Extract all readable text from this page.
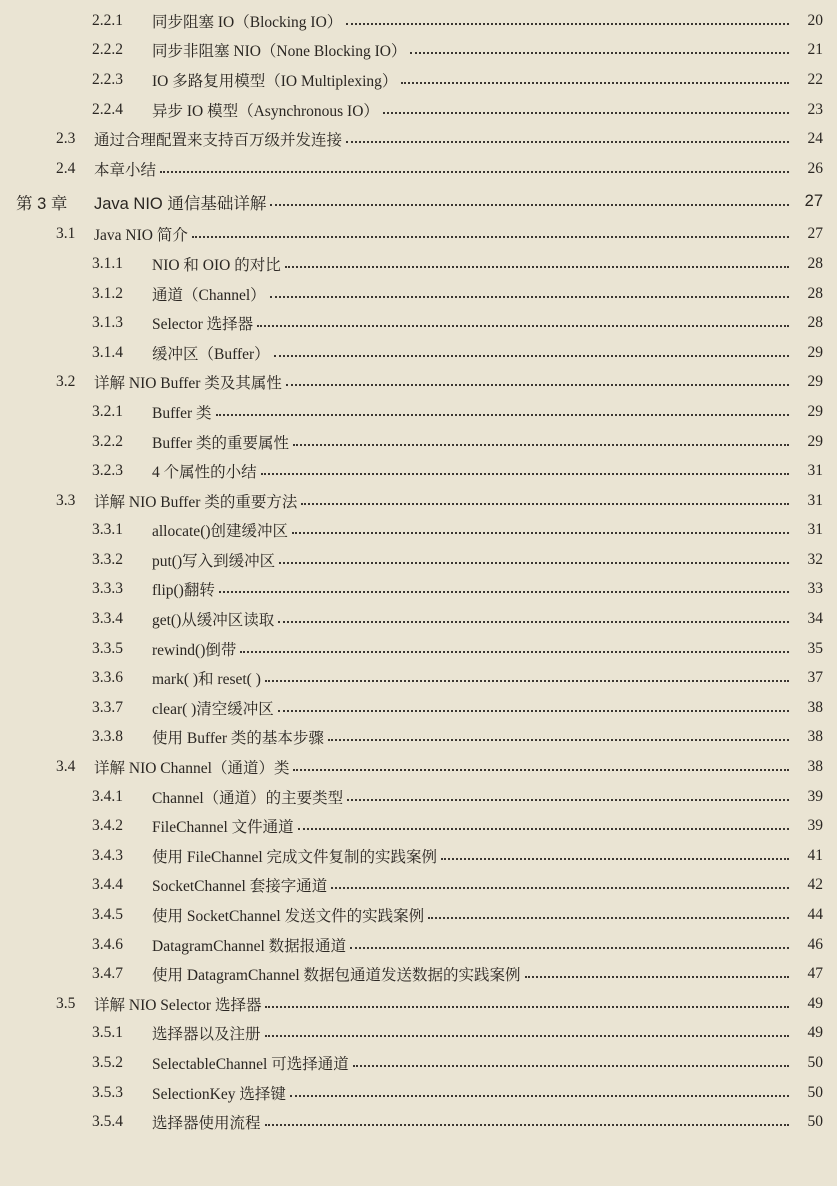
2.2.1	同步阻塞 IO（Blocking IO）	20
2.2.2	同步非阻塞 NIO（None Blocking IO）	21
2.2.3	IO 多路复用模型（IO Multiplexing）	22
2.2.4	异步 IO 模型（Asynchronous IO）	23
2.3	通过合理配置来支持百万级并发连接	24
2.4	本章小结	26
第 3 章	Java NIO 通信基础详解	27
3.1	Java NIO 简介	27
3.1.1	NIO 和 OIO 的对比	28
3.1.2	通道（Channel）	28
3.1.3	Selector 选择器	28
3.1.4	缓冲区（Buffer）	29
3.2	详解 NIO Buffer 类及其属性	29
3.2.1	Buffer 类	29
3.2.2	Buffer 类的重要属性	29
3.2.3	4 个属性的小结	31
3.3	详解 NIO Buffer 类的重要方法	31
3.3.1	allocate()创建缓冲区	31
3.3.2	put()写入到缓冲区	32
3.3.3	flip()翻转	33
3.3.4	get()从缓冲区读取	34
3.3.5	rewind()倒带	35
3.3.6	mark( )和 reset( )	37
3.3.7	clear( )清空缓冲区	38
3.3.8	使用 Buffer 类的基本步骤	38
3.4	详解 NIO Channel（通道）类	38
3.4.1	Channel（通道）的主要类型	39
3.4.2	FileChannel 文件通道	39
3.4.3	使用 FileChannel 完成文件复制的实践案例	41
3.4.4	SocketChannel 套接字通道	42
3.4.5	使用 SocketChannel 发送文件的实践案例	44
3.4.6	DatagramChannel 数据报通道	46
3.4.7	使用 DatagramChannel 数据包通道发送数据的实践案例	47
3.5	详解 NIO Selector 选择器	49
3.5.1	选择器以及注册	49
3.5.2	SelectableChannel 可选择通道	50
3.5.3	SelectionKey 选择键	50
3.5.4	选择器使用流程	50
